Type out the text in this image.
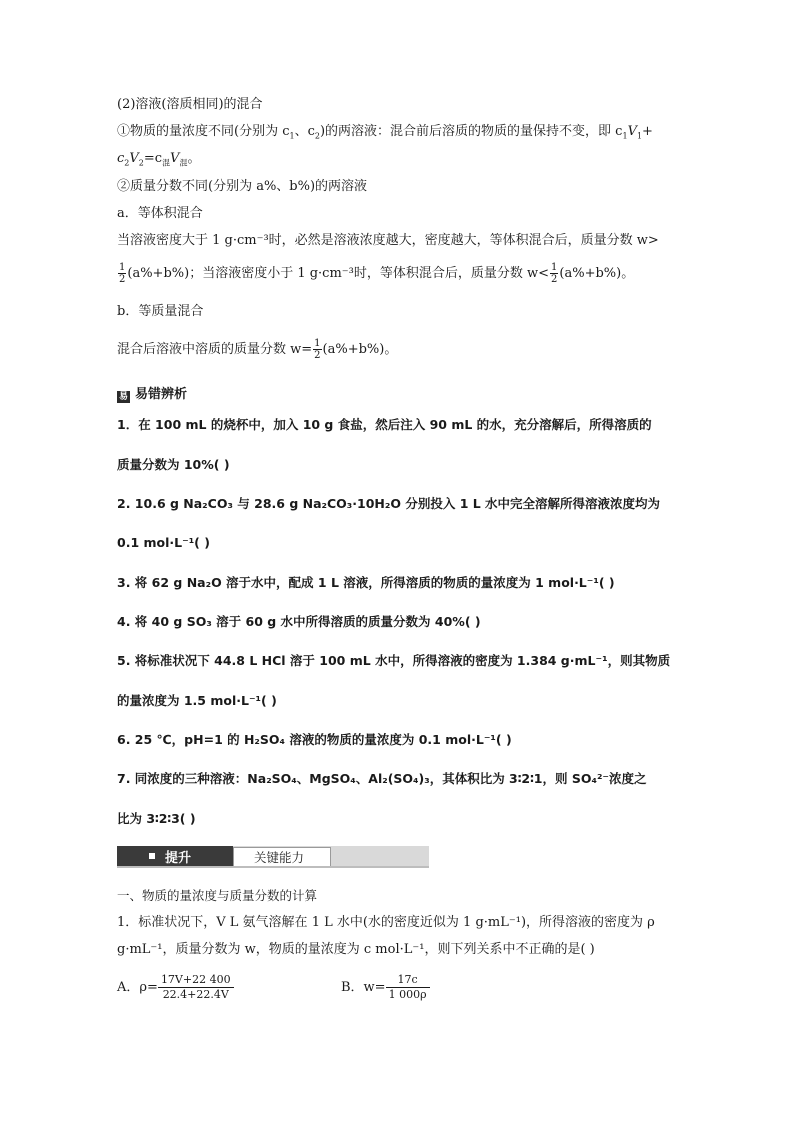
(2)溶液(溶质相同)的混合
①物质的量浓度不同(分别为 $c_1$、$c_2$)的两溶液：混合前后溶质的物质的量保持不变，即 $c_1V_1+$
$c_2V_2=c_混V_混$。
②质量分数不同(分别为 a%、b%)的两溶液
a．等体积混合
当溶液密度大于 1 g·cm⁻³时，必然是溶液浓度越大，密度越大，等体积混合后，质量分数 w>
$\frac{1}{2} (a\%+b\%)$；当溶液密度小于 1 g·cm⁻³时，等体积混合后，质量分数 $w< \frac{1}{2} (a\%+b\%)$。
b．等质量混合
混合后溶液中溶质的质量分数 $w= \frac{1}{2} (a\%+b\%)$。
易 易错辨析
1．在 100 mL 的烧杯中，加入 10 g 食盐，然后注入 90 mL 的水，充分溶解后，所得溶质的
质量分数为 10%( )
2. 10.6 g Na₂CO₃ 与 28.6 g Na₂CO₃·10H₂O 分别投入 1 L 水中完全溶解所得溶液浓度均为
0.1 mol·L⁻¹( )
3. 将 62 g Na₂O 溶于水中，配成 1 L 溶液，所得溶质的物质的量浓度为 1 mol·L⁻¹( )
4. 将 40 g SO₃ 溶于 60 g 水中所得溶质的质量分数为 40%( )
5. 将标准状况下 44.8 L HCl 溶于 100 mL 水中，所得溶液的密度为 1.384 g·mL⁻¹，则其物质
的量浓度为 1.5 mol·L⁻¹( )
6. 25 ℃，pH=1 的 H₂SO₄ 溶液的物质的量浓度为 0.1 mol·L⁻¹( )
7. 同浓度的三种溶液：Na₂SO₄、MgSO₄、Al₂(SO₄)₃，其体积比为 3∶2∶1，则 SO₄²⁻浓度之
比为 3∶2∶3( )
提升	关键能力
一、物质的量浓度与质量分数的计算
1．标准状况下，V L 氨气溶解在 1 L 水中(水的密度近似为 1 g·mL⁻¹)，所得溶液的密度为 ρ
g·mL⁻¹，质量分数为 w，物质的量浓度为 c mol·L⁻¹，则下列关系中不正确的是( )
A．$\rho= \frac{17V+22 400}{22.4+22.4V}$	B．$w= \frac{17c}{1 000\rho}$
